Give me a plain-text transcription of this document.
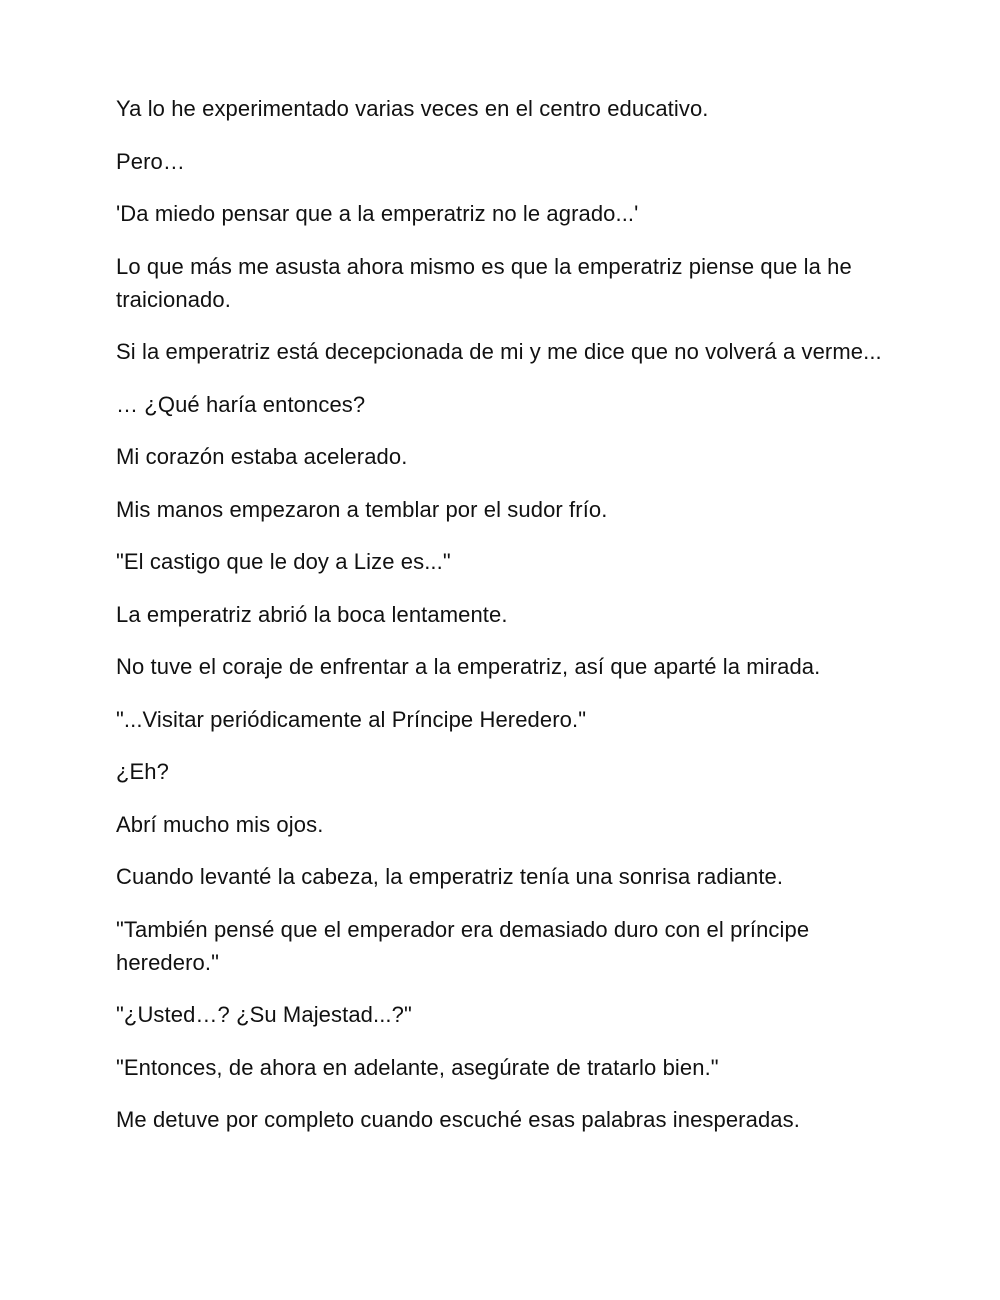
Ya lo he experimentado varias veces en el centro educativo.

Pero…

'Da miedo pensar que a la emperatriz no le agrado...'

Lo que más me asusta ahora mismo es que la emperatriz piense que la he traicionado.

Si la emperatriz está decepcionada de mi y me dice que no volverá a verme...

… ¿Qué haría entonces?

Mi corazón estaba acelerado.

Mis manos empezaron a temblar por el sudor frío.

"El castigo que le doy a Lize es..."

La emperatriz abrió la boca lentamente.

No tuve el coraje de enfrentar a la emperatriz, así que aparté la mirada.

"...Visitar periódicamente al Príncipe Heredero."

¿Eh?

Abrí mucho mis ojos.

Cuando levanté la cabeza, la emperatriz tenía una sonrisa radiante.

"También pensé que el emperador era demasiado duro con el príncipe heredero."

"¿Usted…? ¿Su Majestad...?"

"Entonces, de ahora en adelante, asegúrate de tratarlo bien."

Me detuve por completo cuando escuché esas palabras inesperadas.
